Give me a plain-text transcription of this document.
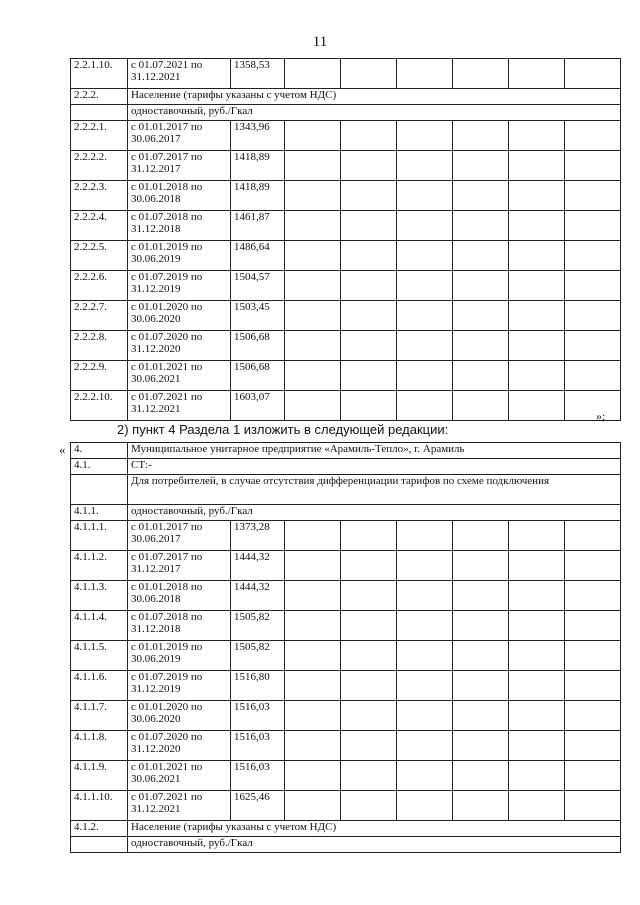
11
2.2.1.10.	с 01.07.2021 по 31.12.2021	1358,53						
2.2.2.	Население (тарифы указаны с учетом НДС)							
	одноставочный, руб./Гкал							
2.2.2.1.	с 01.01.2017 по 30.06.2017	1343,96						
2.2.2.2.	с 01.07.2017 по 31.12.2017	1418,89						
2.2.2.3.	с 01.01.2018 по 30.06.2018	1418,89						
2.2.2.4.	с 01.07.2018 по 31.12.2018	1461,87						
2.2.2.5.	с 01.01.2019 по 30.06.2019	1486,64						
2.2.2.6.	с 01.07.2019 по 31.12.2019	1504,57						
2.2.2.7.	с 01.01.2020 по 30.06.2020	1503,45						
2.2.2.8.	с 01.07.2020 по 31.12.2020	1506,68						
2.2.2.9.	с 01.01.2021 по 30.06.2021	1506,68						
2.2.2.10.	с 01.07.2021 по 31.12.2021	1603,07						
»;
2) пункт 4 Раздела 1 изложить в следующей редакции:
« 4.	Муниципальное унитарное предприятие «Арамиль-Тепло», г. Арамиль							
4.1.	СТ:-							
	Для потребителей, в случае отсутствия дифференциации тарифов по схеме подключения							
4.1.1.	одноставочный, руб./Гкал							
4.1.1.1.	с 01.01.2017 по 30.06.2017	1373,28						
4.1.1.2.	с 01.07.2017 по 31.12.2017	1444,32						
4.1.1.3.	с 01.01.2018 по 30.06.2018	1444,32						
4.1.1.4.	с 01.07.2018 по 31.12.2018	1505,82						
4.1.1.5.	с 01.01.2019 по 30.06.2019	1505,82						
4.1.1.6.	с 01.07.2019 по 31.12.2019	1516,80						
4.1.1.7.	с 01.01.2020 по 30.06.2020	1516,03						
4.1.1.8.	с 01.07.2020 по 31.12.2020	1516,03						
4.1.1.9.	с 01.01.2021 по 30.06.2021	1516,03						
4.1.1.10.	с 01.07.2021 по 31.12.2021	1625,46						
4.1.2.	Население (тарифы указаны с учетом НДС)							
	одноставочный, руб./Гкал							
